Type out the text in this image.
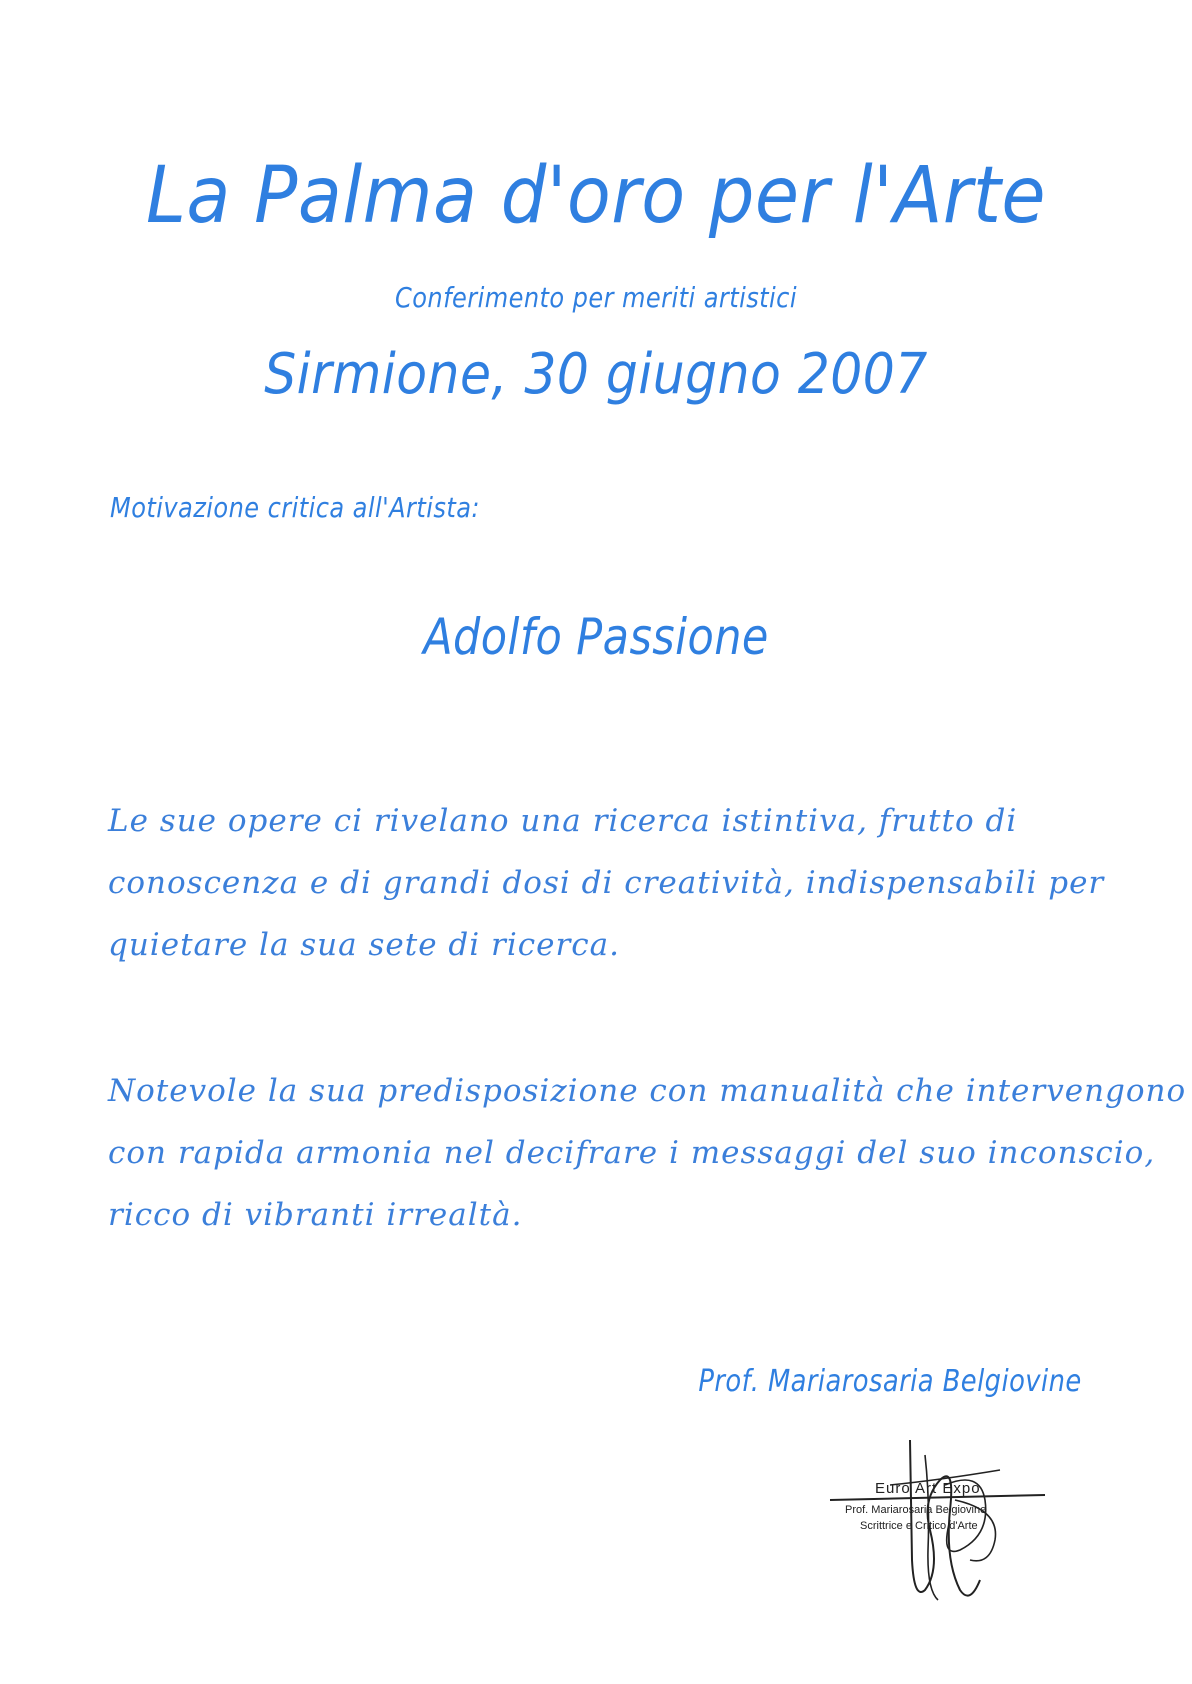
La Palma d'oro per l'Arte
Conferimento per meriti artistici
Sirmione, 30 giugno 2007
Motivazione critica all'Artista:
Adolfo Passione
Le sue opere ci rivelano una ricerca istintiva, frutto di
conoscenza e di grandi dosi di creatività, indispensabili per
quietare la sua sete di ricerca.
Notevole la sua predisposizione con manualità che intervengono
con rapida armonia nel decifrare i messaggi del suo inconscio,
ricco di vibranti irrealtà.
Prof. Mariarosaria Belgiovine
Euro Art Expo
Prof. Mariarosaria Belgiovine
Scrittrice e Critico d'Arte
